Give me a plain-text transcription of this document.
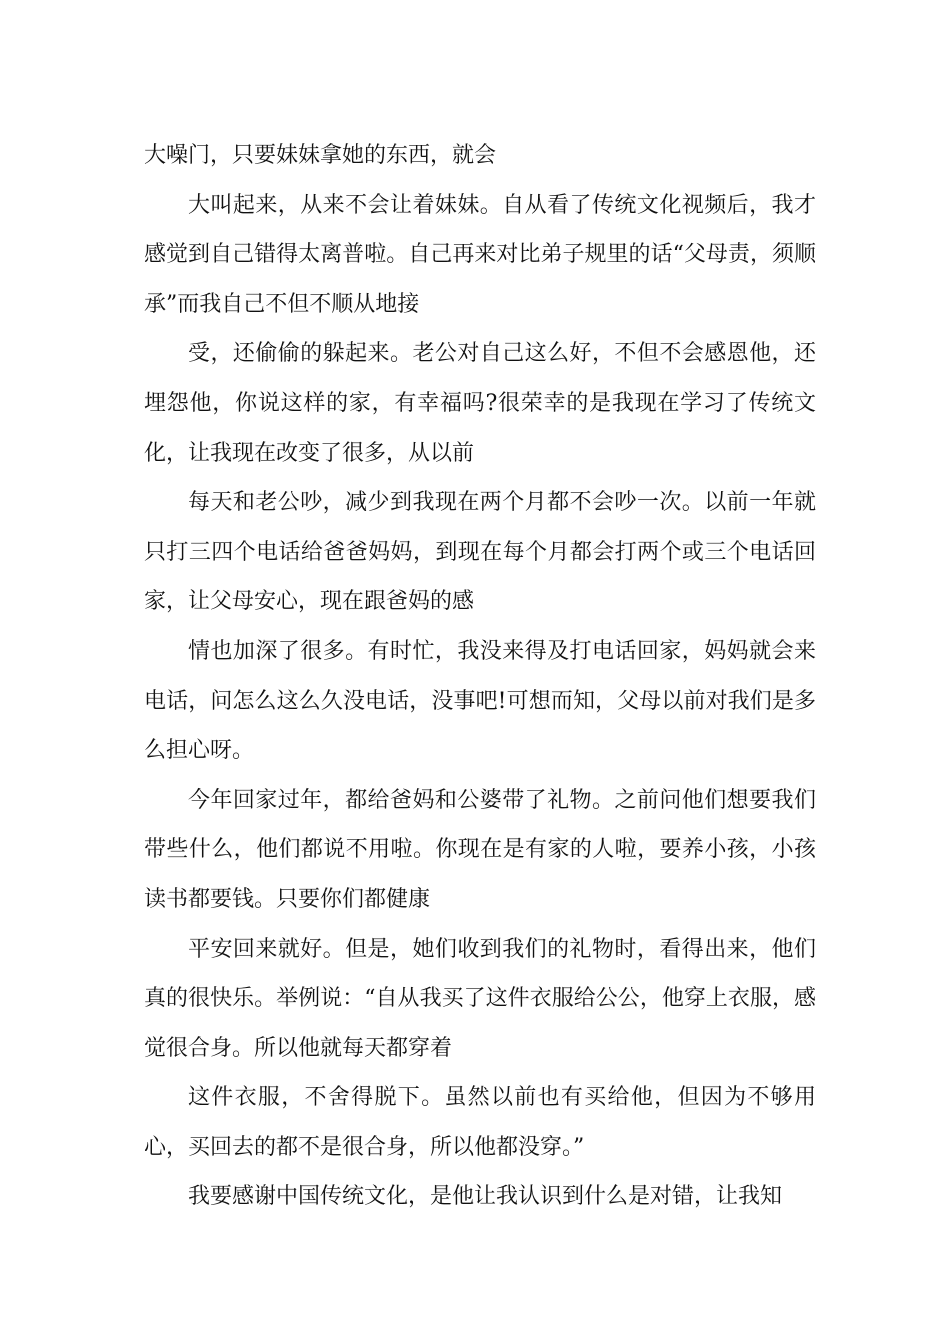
大噪门，只要妹妹拿她的东西，就会

大叫起来，从来不会让着妹妹。自从看了传统文化视频后，我才感觉到自己错得太离普啦。自己再来对比弟子规里的话“父母责，须顺承”而我自己不但不顺从地接

受，还偷偷的躲起来。老公对自己这么好，不但不会感恩他，还埋怨他，你说这样的家，有幸福吗?很荣幸的是我现在学习了传统文化，让我现在改变了很多，从以前

每天和老公吵，减少到我现在两个月都不会吵一次。以前一年就只打三四个电话给爸爸妈妈，到现在每个月都会打两个或三个电话回家，让父母安心，现在跟爸妈的感

情也加深了很多。有时忙，我没来得及打电话回家，妈妈就会来电话，问怎么这么久没电话，没事吧!可想而知，父母以前对我们是多么担心呀。

今年回家过年，都给爸妈和公婆带了礼物。之前问他们想要我们带些什么，他们都说不用啦。你现在是有家的人啦，要养小孩，小孩读书都要钱。只要你们都健康

平安回来就好。但是，她们收到我们的礼物时，看得出来，他们真的很快乐。举例说：“自从我买了这件衣服给公公，他穿上衣服，感觉很合身。所以他就每天都穿着

这件衣服，不舍得脱下。虽然以前也有买给他，但因为不够用心，买回去的都不是很合身，所以他都没穿。”

我要感谢中国传统文化，是他让我认识到什么是对错，让我知
